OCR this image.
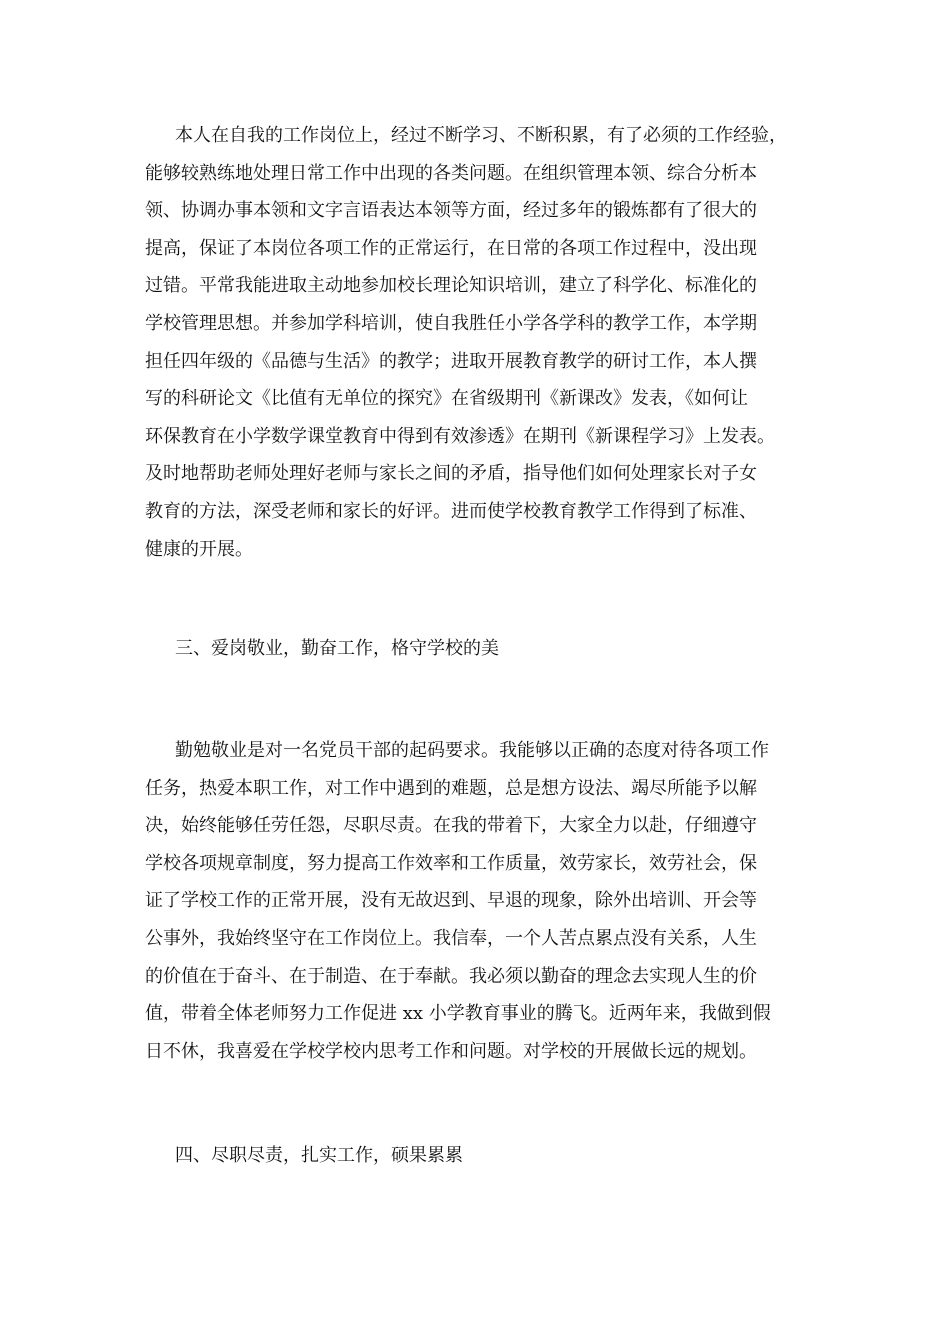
本人在自我的工作岗位上，经过不断学习、不断积累，有了必须的工作经验，
能够较熟练地处理日常工作中出现的各类问题。在组织管理本领、综合分析本
领、协调办事本领和文字言语表达本领等方面，经过多年的锻炼都有了很大的
提高，保证了本岗位各项工作的正常运行，在日常的各项工作过程中，没出现
过错。平常我能进取主动地参加校长理论知识培训，建立了科学化、标准化的
学校管理思想。并参加学科培训，使自我胜任小学各学科的教学工作，本学期
担任四年级的《品德与生活》的教学；进取开展教育教学的研讨工作，本人撰
写的科研论文《比值有无单位的探究》在省级期刊《新课改》发表，《如何让
环保教育在小学数学课堂教育中得到有效渗透》在期刊《新课程学习》上发表。
及时地帮助老师处理好老师与家长之间的矛盾，指导他们如何处理家长对子女
教育的方法，深受老师和家长的好评。进而使学校教育教学工作得到了标准、
健康的开展。
三、爱岗敬业，勤奋工作，格守学校的美
勤勉敬业是对一名党员干部的起码要求。我能够以正确的态度对待各项工作
任务，热爱本职工作，对工作中遇到的难题，总是想方设法、竭尽所能予以解
决，始终能够任劳任怨，尽职尽责。在我的带着下，大家全力以赴，仔细遵守
学校各项规章制度，努力提高工作效率和工作质量，效劳家长，效劳社会，保
证了学校工作的正常开展，没有无故迟到、早退的现象，除外出培训、开会等
公事外，我始终坚守在工作岗位上。我信奉，一个人苦点累点没有关系，人生
的价值在于奋斗、在于制造、在于奉献。我必须以勤奋的理念去实现人生的价
值，带着全体老师努力工作促进 xx 小学教育事业的腾飞。近两年来，我做到假
日不休，我喜爱在学校学校内思考工作和问题。对学校的开展做长远的规划。
四、尽职尽责，扎实工作，硕果累累
